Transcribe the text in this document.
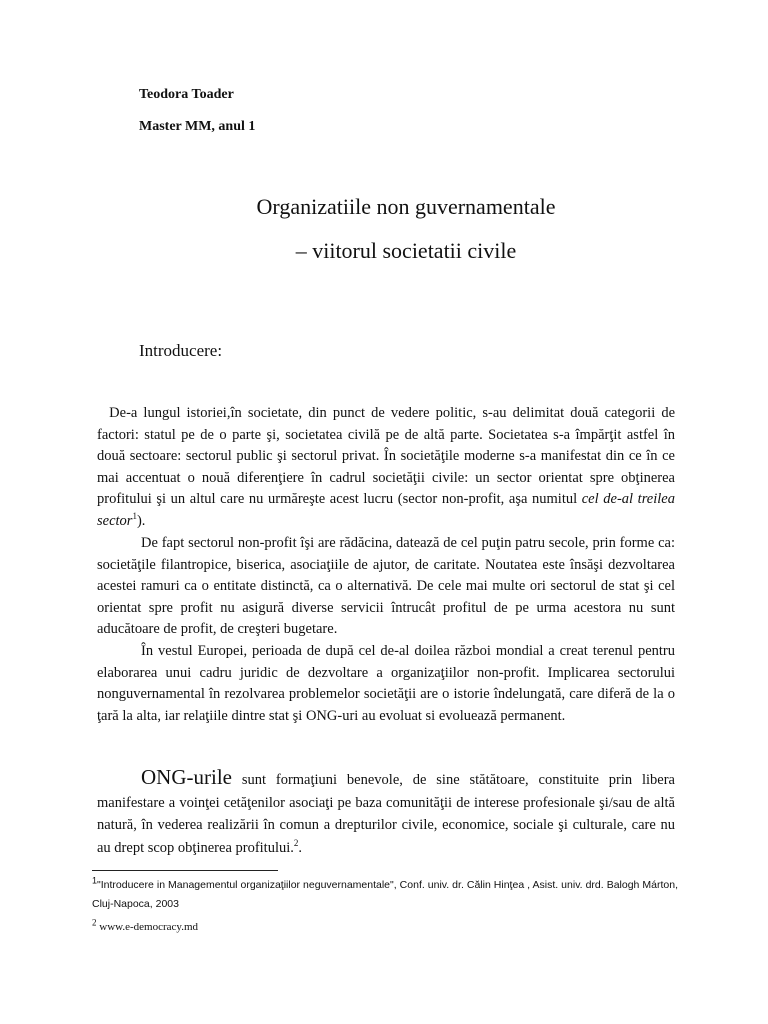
Teodora Toader
Master MM, anul 1
Organizatiile non guvernamentale
– viitorul societatii civile
Introducere:

De-a lungul istoriei,în societate, din punct de vedere politic, s-au delimitat două categorii de factori: statul pe de o parte şi, societatea civilă pe de altă parte. Societatea s-a împărţit astfel în două sectoare: sectorul public şi sectorul privat. În societăţile moderne s-a manifestat din ce în ce mai accentuat o nouă diferenţiere în cadrul societăţii civile: un sector orientat spre obţinerea profitului şi un altul care nu urmăreşte acest lucru (sector non-profit, aşa numitul cel de-al treilea sector$^1$).

De fapt sectorul non-profit îşi are rădăcina, datează de cel puţin patru secole, prin forme ca: societăţile filantropice, biserica, asociaţiile de ajutor, de caritate. Noutatea este însăşi dezvoltarea acestei ramuri ca o entitate distinctă, ca o alternativă. De cele mai multe ori sectorul de stat şi cel orientat spre profit nu asigură diverse servicii întrucât profitul de pe urma acestora nu sunt aducătoare de profit, de creşteri bugetare.

În vestul Europei, perioada de după cel de-al doilea război mondial a creat terenul pentru elaborarea unui cadru juridic de dezvoltare a organizaţiilor non-profit. Implicarea sectorului nonguvernamental în rezolvarea problemelor societăţii are o istorie îndelungată, care diferă de la o ţară la alta, iar relaţiile dintre stat şi ONG-uri au evoluat si evoluează permanent.

ONG-urile sunt formaţiuni benevole, de sine stătătoare, constituite prin libera manifestare a voinţei cetăţenilor asociaţi pe baza comunităţii de interese profesionale şi/sau de altă natură, în vederea realizării în comun a drepturilor civile, economice, sociale şi culturale, care nu au drept scop obţinerea profitului.$^2$.

$^1$"Introducere in Managementul organizaţiilor neguvernamentale", Conf. univ. dr. Călin Hinţea , Asist. univ. drd. Balogh Márton, Cluj-Napoca, 2003

$^2$ www.e-democracy.md
